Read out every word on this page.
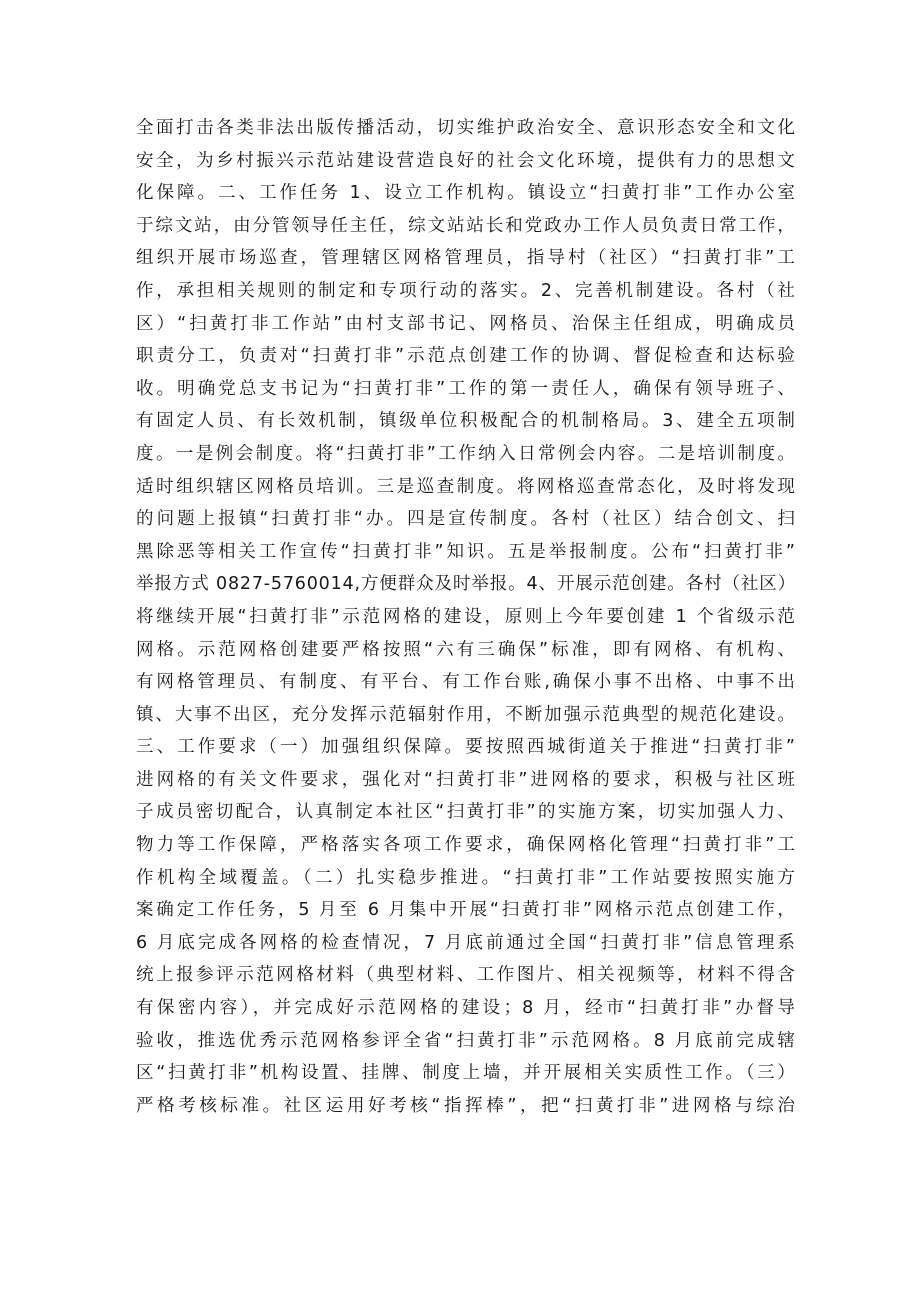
全面打击各类非法出版传播活动，切实维护政治安全、意识形态安全和文化
安全，为乡村振兴示范站建设营造良好的社会文化环境，提供有力的思想文
化保障。二、工作任务 1、设立工作机构。镇设立“扫黄打非”工作办公室
于综文站，由分管领导任主任，综文站站长和党政办工作人员负责日常工作，
组织开展市场巡查，管理辖区网格管理员，指导村（社区）“扫黄打非”工
作，承担相关规则的制定和专项行动的落实。2、完善机制建设。各村（社
区）“扫黄打非工作站”由村支部书记、网格员、治保主任组成，明确成员
职责分工，负责对“扫黄打非”示范点创建工作的协调、督促检查和达标验
收。明确党总支书记为“扫黄打非”工作的第一责任人，确保有领导班子、
有固定人员、有长效机制，镇级单位积极配合的机制格局。3、建全五项制
度。一是例会制度。将“扫黄打非”工作纳入日常例会内容。二是培训制度。
适时组织辖区网格员培训。三是巡查制度。将网格巡查常态化，及时将发现
的问题上报镇“扫黄打非“办。四是宣传制度。各村（社区）结合创文、扫
黑除恶等相关工作宣传“扫黄打非”知识。五是举报制度。公布“扫黄打非”
举报方式 0827-5760014,方便群众及时举报。4、开展示范创建。各村（社区）
将继续开展“扫黄打非”示范网格的建设，原则上今年要创建 1 个省级示范
网格。示范网格创建要严格按照“六有三确保”标准，即有网格、有机构、
有网格管理员、有制度、有平台、有工作台账,确保小事不出格、中事不出
镇、大事不出区，充分发挥示范辐射作用，不断加强示范典型的规范化建设。
三、工作要求（一）加强组织保障。要按照西城街道关于推进“扫黄打非”
进网格的有关文件要求，强化对“扫黄打非”进网格的要求，积极与社区班
子成员密切配合，认真制定本社区“扫黄打非”的实施方案，切实加强人力、
物力等工作保障，严格落实各项工作要求，确保网格化管理“扫黄打非”工
作机构全域覆盖。（二）扎实稳步推进。“扫黄打非”工作站要按照实施方
案确定工作任务，5 月至 6 月集中开展“扫黄打非”网格示范点创建工作，
6 月底完成各网格的检查情况，7 月底前通过全国“扫黄打非”信息管理系
统上报参评示范网格材料（典型材料、工作图片、相关视频等，材料不得含
有保密内容），并完成好示范网格的建设；8 月，经市“扫黄打非”办督导
验收，推选优秀示范网格参评全省“扫黄打非”示范网格。8 月底前完成辖
区“扫黄打非”机构设置、挂牌、制度上墙，并开展相关实质性工作。（三）
严格考核标准。社区运用好考核“指挥棒”，把“扫黄打非”进网格与综治
